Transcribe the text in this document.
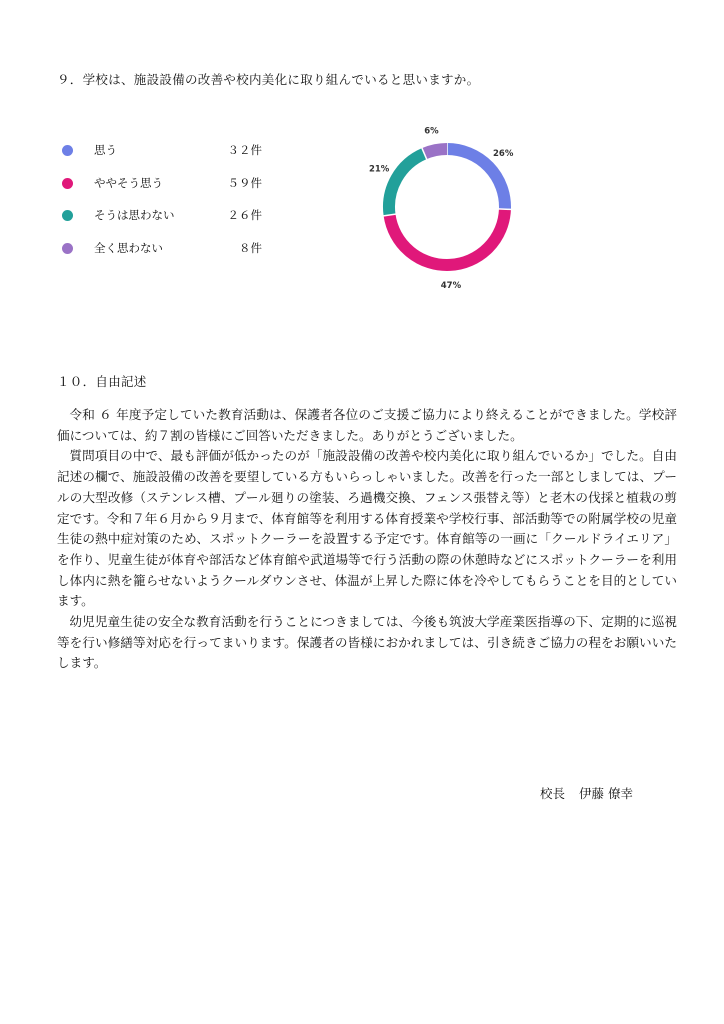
９．学校は、施設設備の改善や校内美化に取り組んでいると思いますか。
思う	３２件
ややそう思う	５９件
そうは思わない	２６件
全く思わない	８件
26%
47%
21%
6%
１０．自由記述

令和 ６ 年度予定していた教育活動は、保護者各位のご支援ご協力により終えることができました。学校評価については、約７割の皆様にご回答いただきました。ありがとうございました。

質問項目の中で、最も評価が低かったのが「施設設備の改善や校内美化に取り組んでいるか」でした。自由記述の欄で、施設設備の改善を要望している方もいらっしゃいました。改善を行った一部としましては、プールの大型改修（ステンレス槽、プール廻りの塗装、ろ過機交換、フェンス張替え等）と老木の伐採と植栽の剪定です。令和７年６月から９月まで、体育館等を利用する体育授業や学校行事、部活動等での附属学校の児童生徒の熱中症対策のため、スポットクーラーを設置する予定です。体育館等の一画に「クールドライエリア」を作り、児童生徒が体育や部活など体育館や武道場等で行う活動の際の休憩時などにスポットクーラーを利用し体内に熱を籠らせないようクールダウンさせ、体温が上昇した際に体を冷やしてもらうことを目的としています。

幼児児童生徒の安全な教育活動を行うことにつきましては、今後も筑波大学産業医指導の下、定期的に巡視等を行い修繕等対応を行ってまいります。保護者の皆様におかれましては、引き続きご協力の程をお願いいたします。

校長 伊藤 僚幸
